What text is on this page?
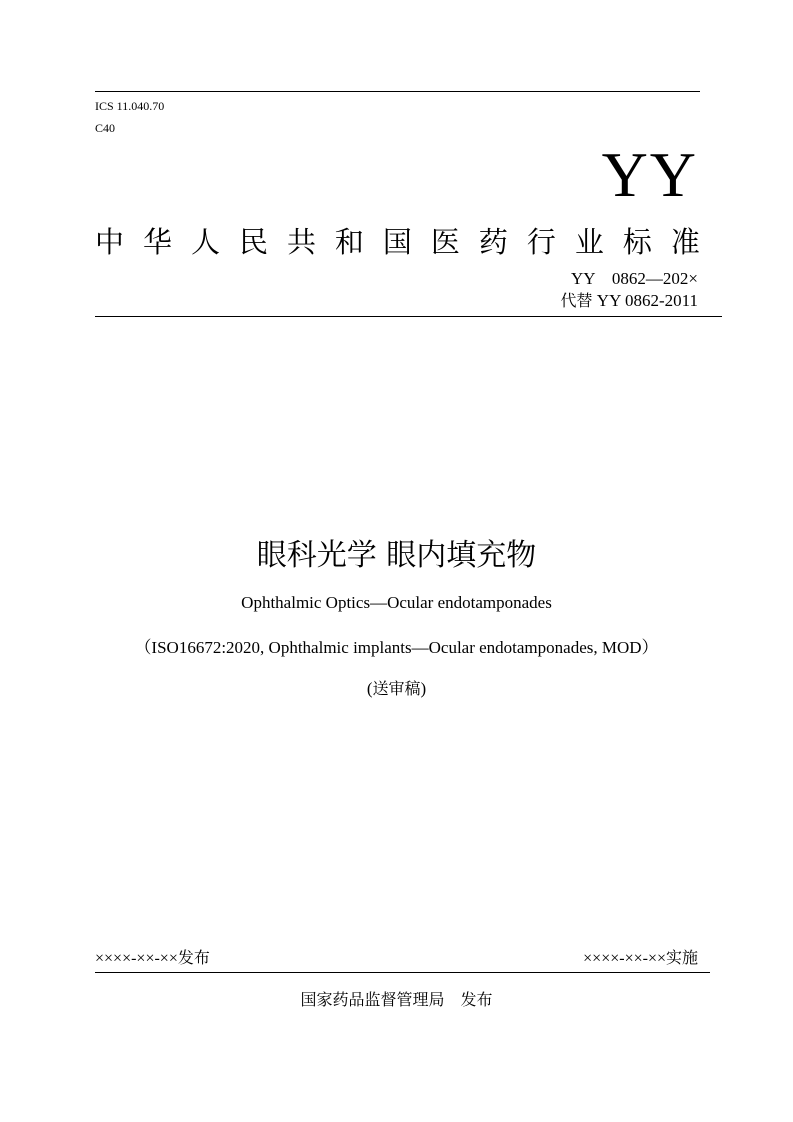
ICS 11.040.70
C40
YY
中 华 人 民 共 和 国 医 药 行 业 标 准
YY　0862—202×
代替 YY 0862-2011
眼科光学 眼内填充物
Ophthalmic Optics—Ocular endotamponades
（ISO16672:2020, Ophthalmic implants—Ocular endotamponades, MOD）
(送审稿)
××××-××-××发布	××××-××-××实施
国家药品监督管理局　发布
